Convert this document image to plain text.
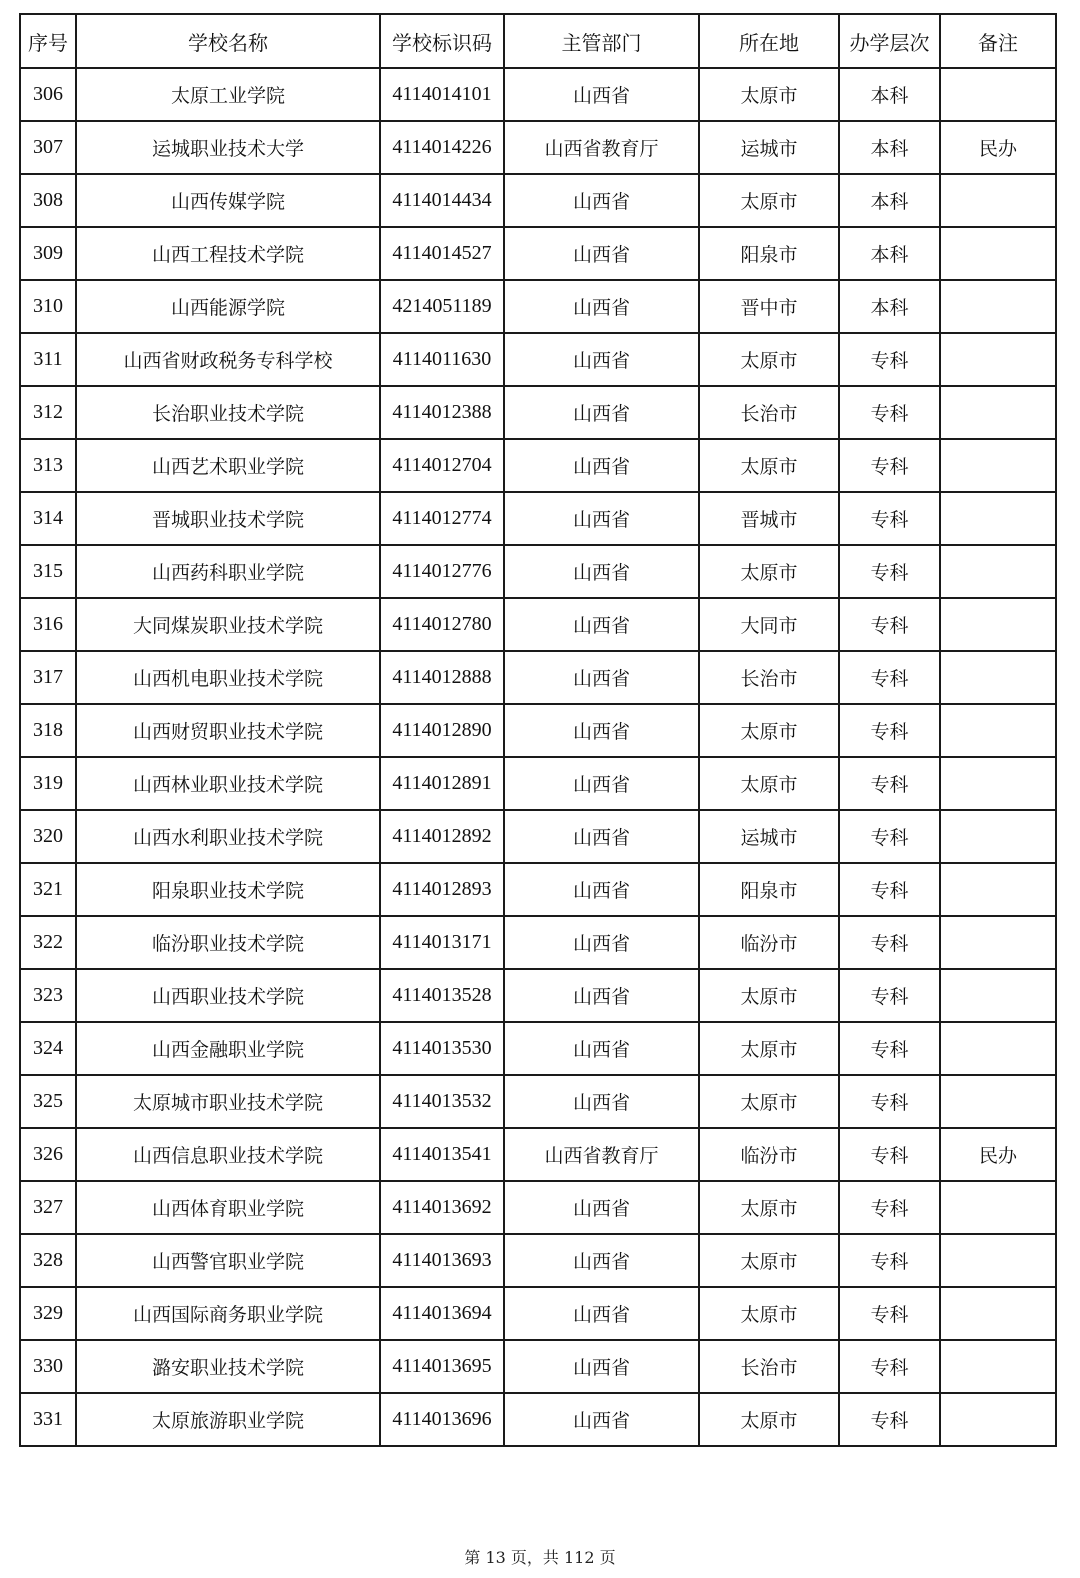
序号	学校名称	学校标识码	主管部门	所在地	办学层次	备注
306	太原工业学院	4114014101	山西省	太原市	本科	
307	运城职业技术大学	4114014226	山西省教育厅	运城市	本科	民办
308	山西传媒学院	4114014434	山西省	太原市	本科	
309	山西工程技术学院	4114014527	山西省	阳泉市	本科	
310	山西能源学院	4214051189	山西省	晋中市	本科	
311	山西省财政税务专科学校	4114011630	山西省	太原市	专科	
312	长治职业技术学院	4114012388	山西省	长治市	专科	
313	山西艺术职业学院	4114012704	山西省	太原市	专科	
314	晋城职业技术学院	4114012774	山西省	晋城市	专科	
315	山西药科职业学院	4114012776	山西省	太原市	专科	
316	大同煤炭职业技术学院	4114012780	山西省	大同市	专科	
317	山西机电职业技术学院	4114012888	山西省	长治市	专科	
318	山西财贸职业技术学院	4114012890	山西省	太原市	专科	
319	山西林业职业技术学院	4114012891	山西省	太原市	专科	
320	山西水利职业技术学院	4114012892	山西省	运城市	专科	
321	阳泉职业技术学院	4114012893	山西省	阳泉市	专科	
322	临汾职业技术学院	4114013171	山西省	临汾市	专科	
323	山西职业技术学院	4114013528	山西省	太原市	专科	
324	山西金融职业学院	4114013530	山西省	太原市	专科	
325	太原城市职业技术学院	4114013532	山西省	太原市	专科	
326	山西信息职业技术学院	4114013541	山西省教育厅	临汾市	专科	民办
327	山西体育职业学院	4114013692	山西省	太原市	专科	
328	山西警官职业学院	4114013693	山西省	太原市	专科	
329	山西国际商务职业学院	4114013694	山西省	太原市	专科	
330	潞安职业技术学院	4114013695	山西省	长治市	专科	
331	太原旅游职业学院	4114013696	山西省	太原市	专科	
第 13 页，共 112 页
